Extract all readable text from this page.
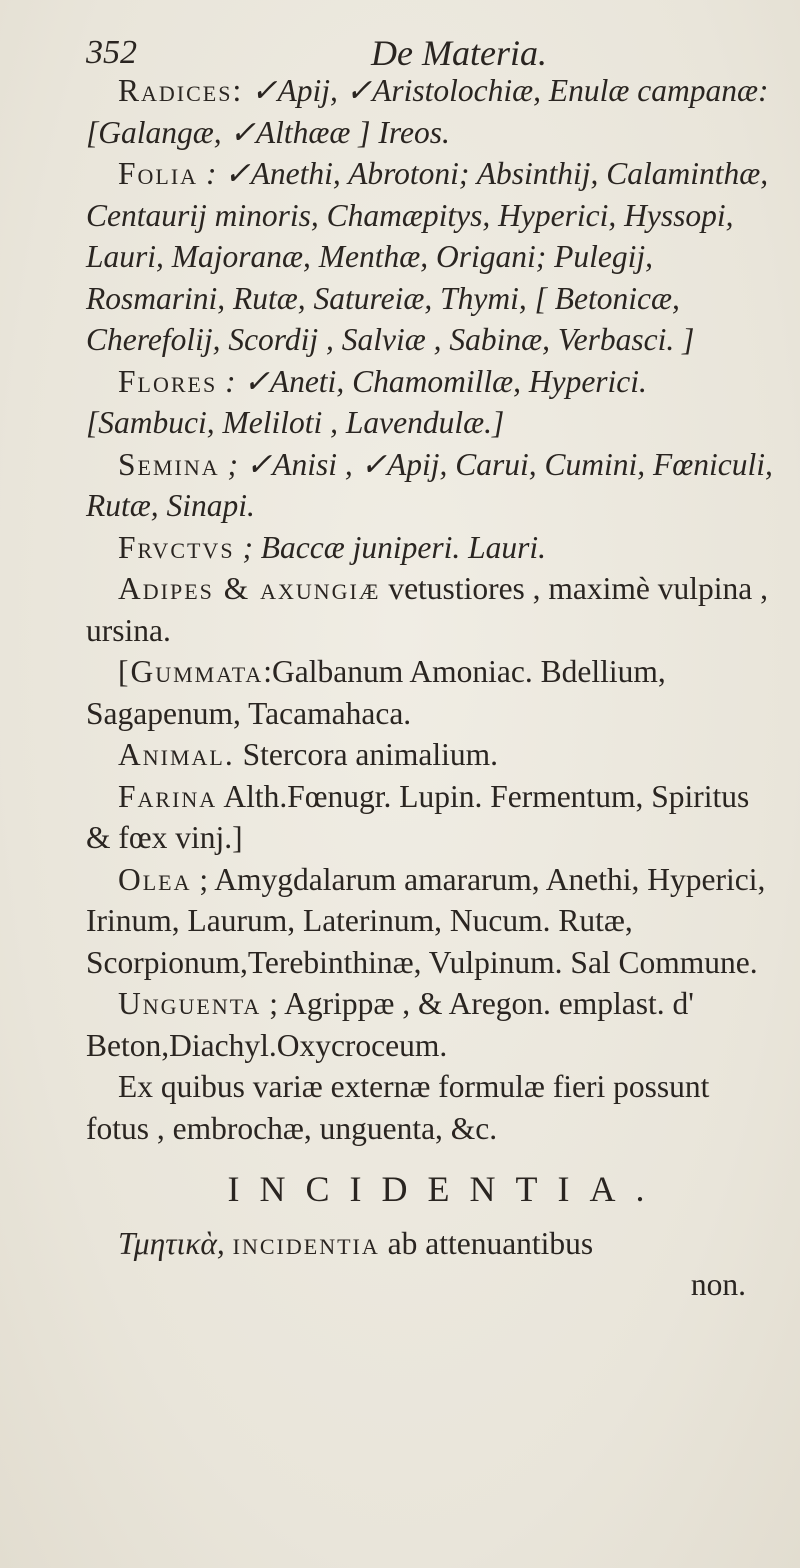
352	De Materia.

Radices: ✓Apij, ✓Aristolochiæ, Enulæ campanæ: [Galangæ, ✓Althææ ] Ireos.

Folia : ✓Anethi, Abrotoni; Absinthij, Calaminthæ, Centaurij minoris, Chamæpitys, Hyperici, Hyssopi, Lauri, Majoranæ, Menthæ, Origani; Pulegij, Rosmarini, Rutæ, Satureiæ, Thymi, [ Betonicæ, Cherefolij, Scordij , Salviæ , Sabinæ, Verbasci. ]

Flores : ✓Aneti, Chamomillæ, Hyperici. [Sambuci, Meliloti , Lavendulæ.]

Semina ; ✓Anisi , ✓Apij, Carui, Cumini, Fœniculi, Rutæ, Sinapi.

Frvctvs ; Baccæ juniperi. Lauri.

Adipes & axungiæ vetustiores , maximè vulpina , ursina.

[Gummata:Galbanum Amoniac. Bdellium, Sagapenum, Tacamahaca.

Animal. Stercora animalium.

Farina Alth.Fœnugr. Lupin. Fermentum, Spiritus & fœx vinj.]

Olea ; Amygdalarum amararum, Anethi, Hyperici, Irinum, Laurum, Laterinum, Nucum. Rutæ, Scorpionum,Terebinthinæ, Vulpinum. Sal Commune.

Unguenta ; Agrippæ , & Aregon. emplast. d' Beton,Diachyl.Oxycroceum.

Ex quibus variæ externæ formulæ fieri possunt fotus , embrochæ, unguenta, &c.

INCIDENTIA.

Τμητικὰ, incidentia ab attenuantibus

non.
